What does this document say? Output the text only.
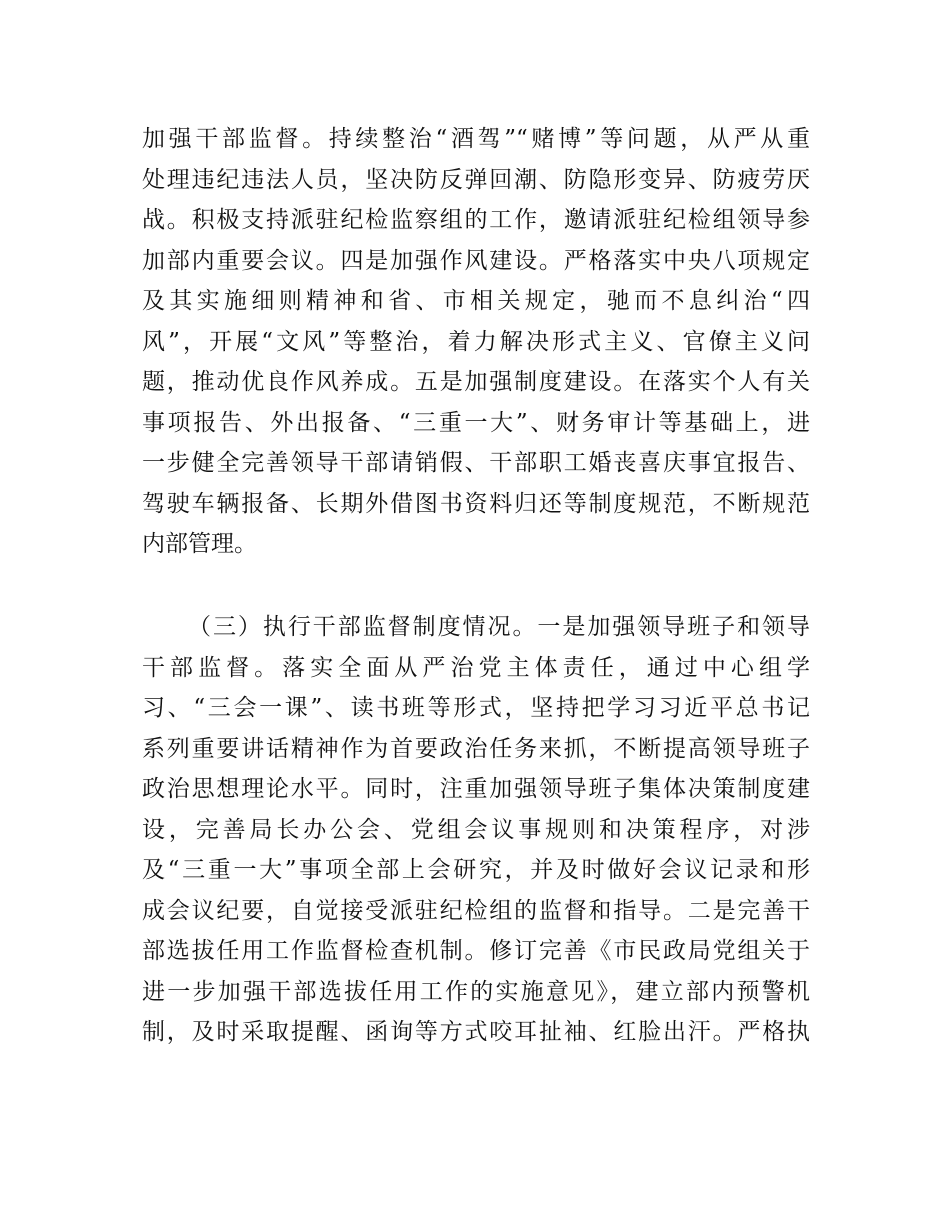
加强干部监督。持续整治“酒驾”“赌博”等问题，从严从重
处理违纪违法人员，坚决防反弹回潮、防隐形变异、防疲劳厌
战。积极支持派驻纪检监察组的工作，邀请派驻纪检组领导参
加部内重要会议。四是加强作风建设。严格落实中央八项规定
及其实施细则精神和省、市相关规定，驰而不息纠治“四
风”，开展“文风”等整治，着力解决形式主义、官僚主义问
题，推动优良作风养成。五是加强制度建设。在落实个人有关
事项报告、外出报备、“三重一大”、财务审计等基础上，进
一步健全完善领导干部请销假、干部职工婚丧喜庆事宜报告、
驾驶车辆报备、长期外借图书资料归还等制度规范，不断规范
内部管理。
（三）执行干部监督制度情况。一是加强领导班子和领导
干部监督。落实全面从严治党主体责任，通过中心组学
习、“三会一课”、读书班等形式，坚持把学习习近平总书记
系列重要讲话精神作为首要政治任务来抓，不断提高领导班子
政治思想理论水平。同时，注重加强领导班子集体决策制度建
设，完善局长办公会、党组会议事规则和决策程序，对涉
及“三重一大”事项全部上会研究，并及时做好会议记录和形
成会议纪要，自觉接受派驻纪检组的监督和指导。二是完善干
部选拔任用工作监督检查机制。修订完善《市民政局党组关于
进一步加强干部选拔任用工作的实施意见》，建立部内预警机
制，及时采取提醒、函询等方式咬耳扯袖、红脸出汗。严格执
